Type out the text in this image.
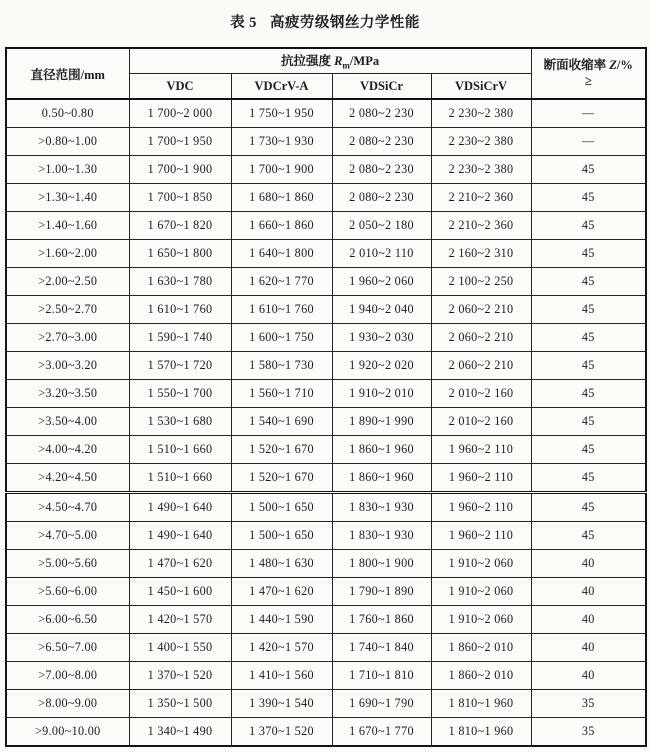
表 5 高疲劳级钢丝力学性能
直径范围/mm	抗拉强度 $R_m$/MPa				断面收缩率 Z/%
≥

	VDC	VDCrV-A	VDSiCr	VDSiCrV	
0.50~0.80	1 700~2 000	1 750~1 950	2 080~2 230	2 230~2 380	—
>0.80~1.00	1 700~1 950	1 730~1 930	2 080~2 230	2 230~2 380	—
>1.00~1.30	1 700~1 900	1 700~1 900	2 080~2 230	2 230~2 380	45
>1.30~1.40	1 700~1 850	1 680~1 860	2 080~2 230	2 210~2 360	45
>1.40~1.60	1 670~1 820	1 660~1 860	2 050~2 180	2 210~2 360	45
>1.60~2.00	1 650~1 800	1 640~1 800	2 010~2 110	2 160~2 310	45
>2.00~2.50	1 630~1 780	1 620~1 770	1 960~2 060	2 100~2 250	45
>2.50~2.70	1 610~1 760	1 610~1 760	1 940~2 040	2 060~2 210	45
>2.70~3.00	1 590~1 740	1 600~1 750	1 930~2 030	2 060~2 210	45
>3.00~3.20	1 570~1 720	1 580~1 730	1 920~2 020	2 060~2 210	45
>3.20~3.50	1 550~1 700	1 560~1 710	1 910~2 010	2 010~2 160	45
>3.50~4.00	1 530~1 680	1 540~1 690	1 890~1 990	2 010~2 160	45
>4.00~4.20	1 510~1 660	1 520~1 670	1 860~1 960	1 960~2 110	45
>4.20~4.50	1 510~1 660	1 520~1 670	1 860~1 960	1 960~2 110	45
>4.50~4.70	1 490~1 640	1 500~1 650	1 830~1 930	1 960~2 110	45
>4.70~5.00	1 490~1 640	1 500~1 650	1 830~1 930	1 960~2 110	45
>5.00~5.60	1 470~1 620	1 480~1 630	1 800~1 900	1 910~2 060	40
>5.60~6.00	1 450~1 600	1 470~1 620	1 790~1 890	1 910~2 060	40
>6.00~6.50	1 420~1 570	1 440~1 590	1 760~1 860	1 910~2 060	40
>6.50~7.00	1 400~1 550	1 420~1 570	1 740~1 840	1 860~2 010	40
>7.00~8.00	1 370~1 520	1 410~1 560	1 710~1 810	1 860~2 010	40
>8.00~9.00	1 350~1 500	1 390~1 540	1 690~1 790	1 810~1 960	35
>9.00~10.00	1 340~1 490	1 370~1 520	1 670~1 770	1 810~1 960	35
